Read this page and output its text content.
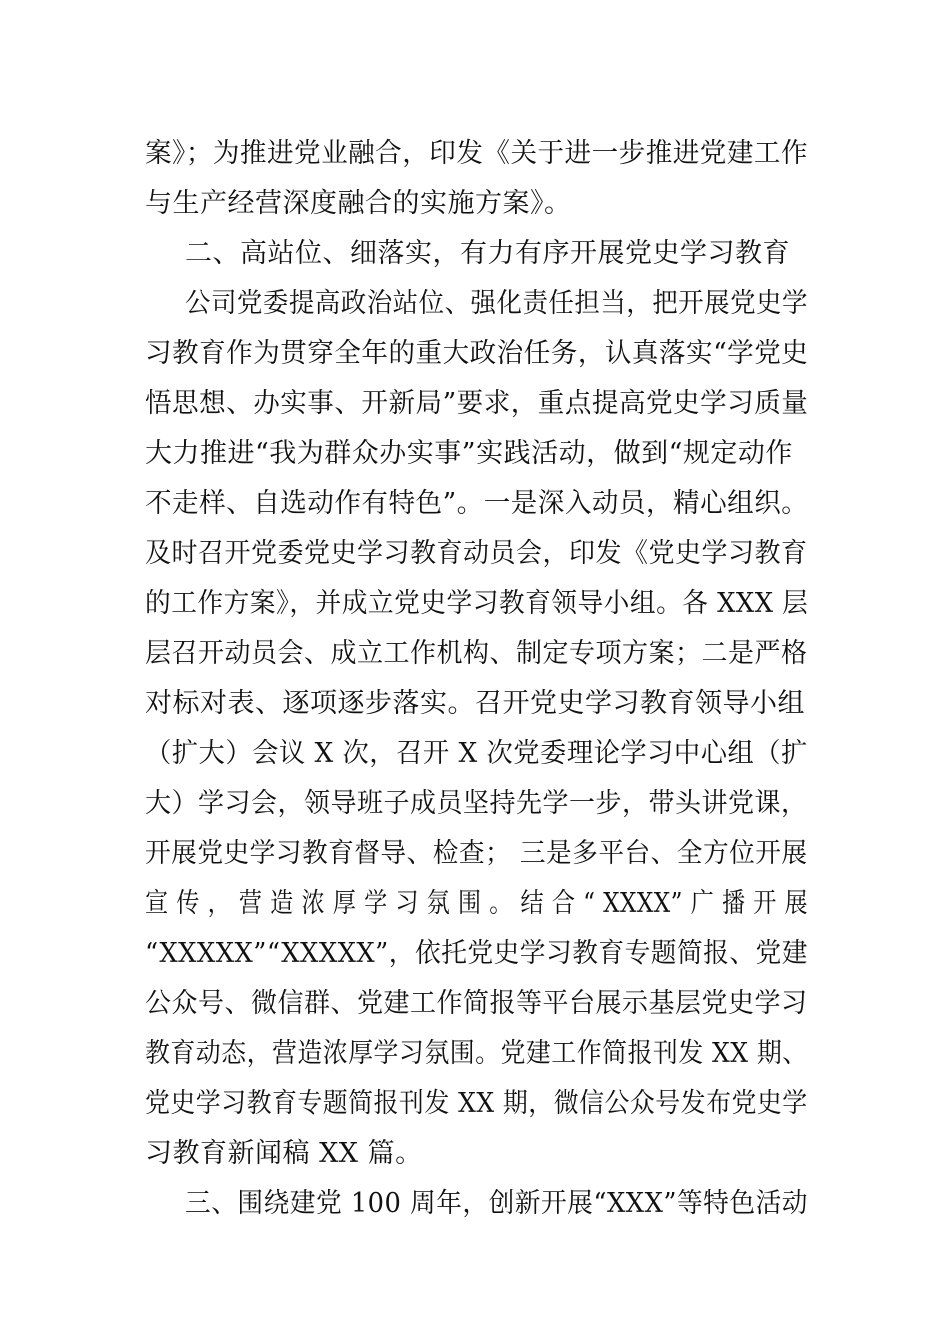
案》；为推进党业融合，印发《关于进一步推进党建工作
与生产经营深度融合的实施方案》。
二、高站位、细落实，有力有序开展党史学习教育
公司党委提高政治站位、强化责任担当，把开展党史学
习教育作为贯穿全年的重大政治任务，认真落实“学党史
悟思想、办实事、开新局”要求，重点提高党史学习质量
大力推进“我为群众办实事”实践活动，做到“规定动作
不走样、自选动作有特色”。一是深入动员，精心组织。
及时召开党委党史学习教育动员会，印发《党史学习教育
的工作方案》，并成立党史学习教育领导小组。各 XXX 层
层召开动员会、成立工作机构、制定专项方案；二是严格
对标对表、逐项逐步落实。召开党史学习教育领导小组
（扩大）会议 X 次，召开 X 次党委理论学习中心组（扩
大）学习会，领导班子成员坚持先学一步，带头讲党课，
开展党史学习教育督导、检查； 三是多平台、全方位开展
宣 传 ， 营 造 浓 厚 学 习 氛 围 。 结 合 “ XXXX” 广 播 开 展
“XXXXX”“XXXXX”，依托党史学习教育专题简报、党建
公众号、微信群、党建工作简报等平台展示基层党史学习
教育动态，营造浓厚学习氛围。党建工作简报刊发 XX 期、
党史学习教育专题简报刊发 XX 期，微信公众号发布党史学
习教育新闻稿 XX 篇。
三、围绕建党 100 周年，创新开展“XXX”等特色活动
